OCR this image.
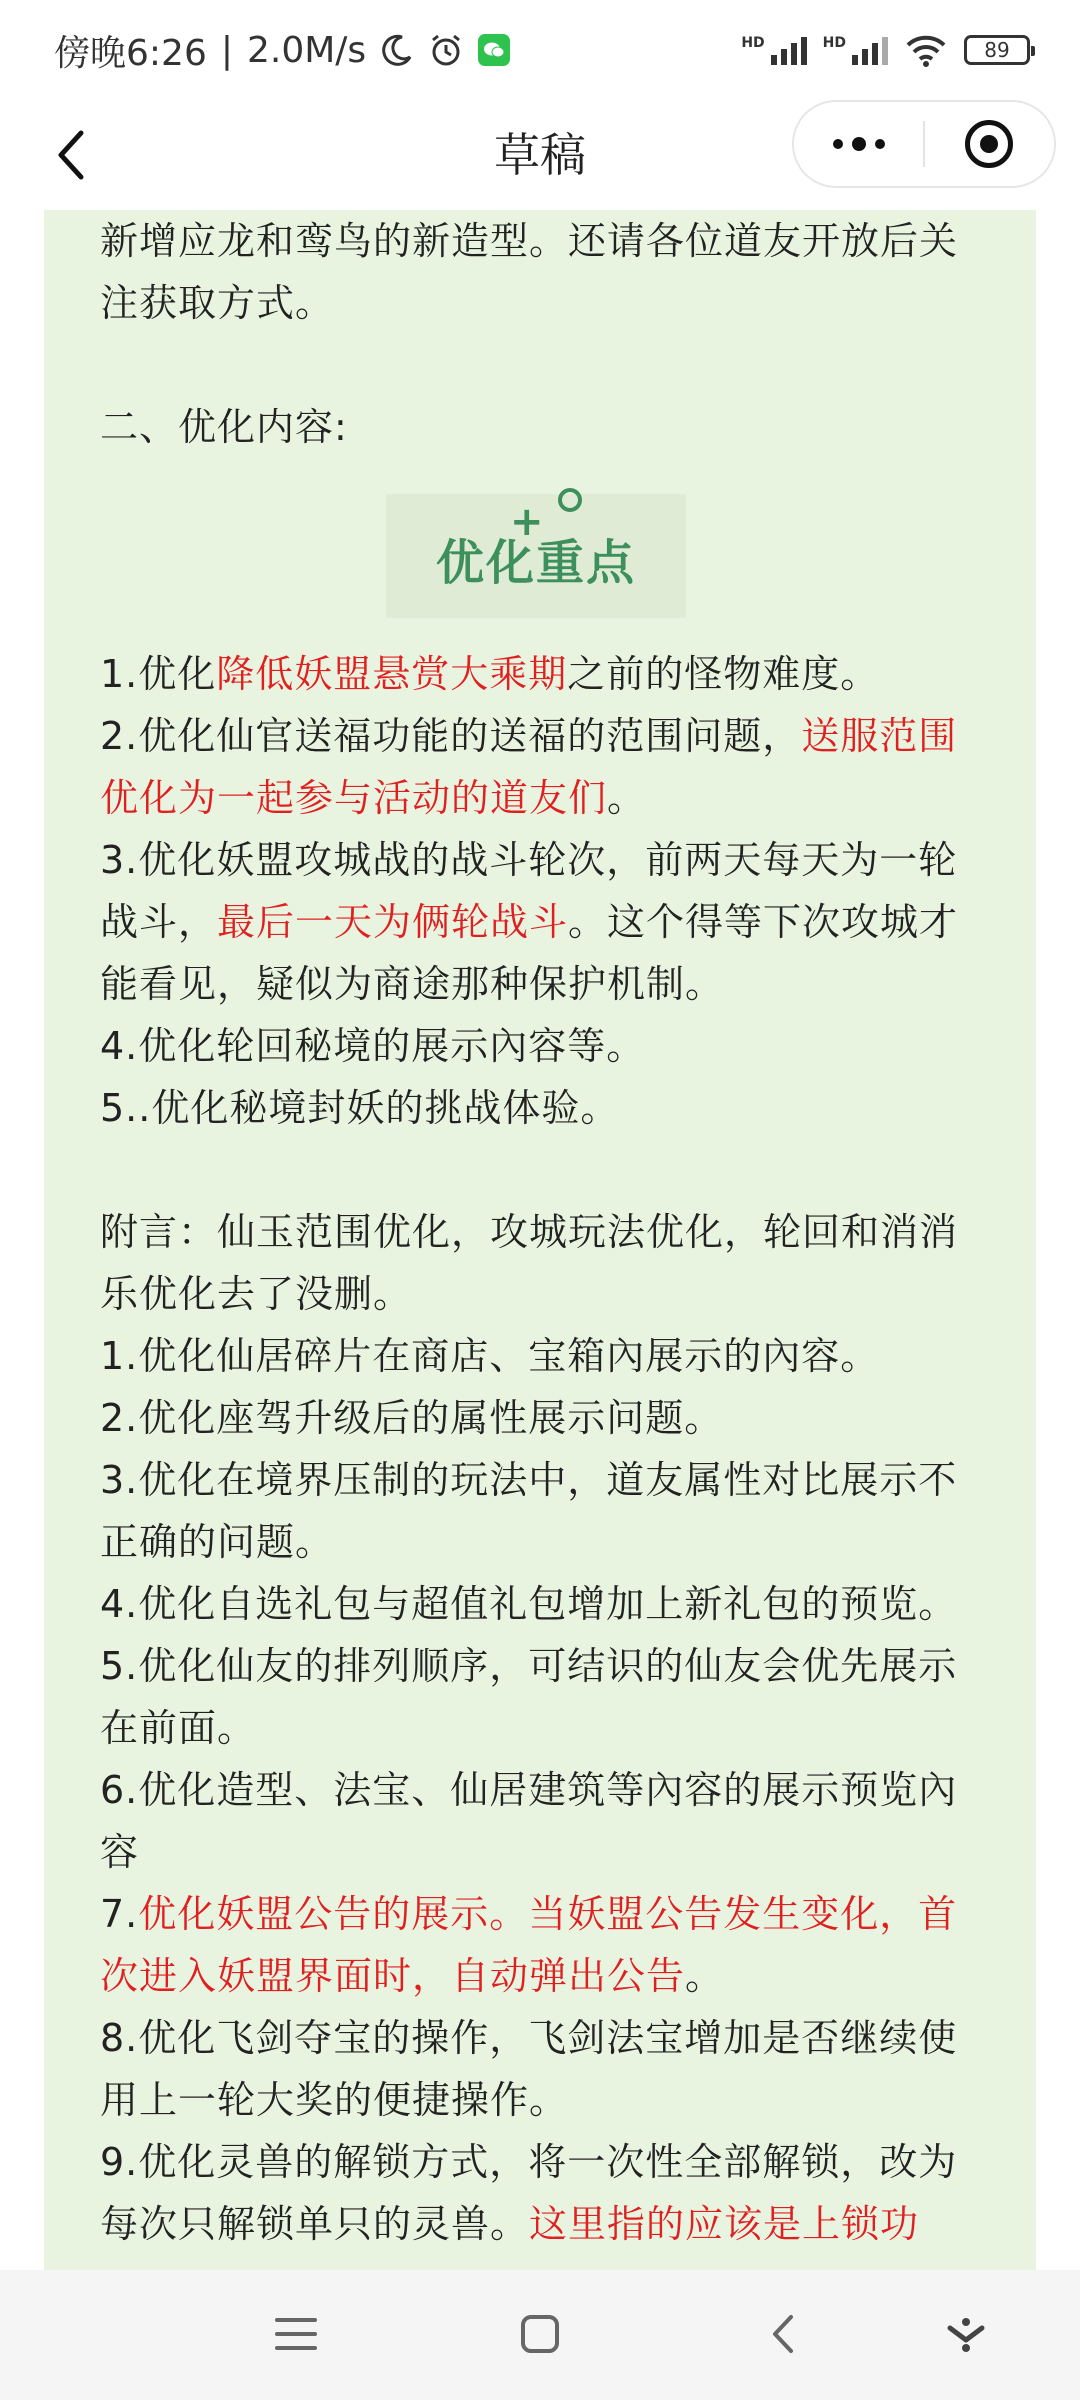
傍晚6:26 | 2.0M/s	HD	HD	89
草稿
新增应龙和鸾鸟的新造型。还请各位道友开放后关
注获取方式。
二、优化内容:
+
优化重点
1.优化降低妖盟悬赏大乘期之前的怪物难度。
2.优化仙官送福功能的送福的范围问题，送服范围优化为一起参与活动的道友们。
3.优化妖盟攻城战的战斗轮次，前两天每天为一轮战斗，最后一天为俩轮战斗。这个得等下次攻城才能看见，疑似为商途那种保护机制。
4.优化轮回秘境的展示內容等。
5..优化秘境封妖的挑战体验。
附言：仙玉范围优化，攻城玩法优化，轮回和消消乐优化去了没删。
1.优化仙居碎片在商店、宝箱內展示的內容。
2.优化座驾升级后的属性展示问题。
3.优化在境界压制的玩法中，道友属性对比展示不正确的问题。
4.优化自选礼包与超值礼包增加上新礼包的预览。
5.优化仙友的排列顺序，可结识的仙友会优先展示在前面。
6.优化造型、法宝、仙居建筑等內容的展示预览內容
7.优化妖盟公告的展示。当妖盟公告发生变化，首次进入妖盟界面时，自动弹出公告。
8.优化飞剑夺宝的操作，飞剑法宝增加是否继续使用上一轮大奖的便捷操作。
9.优化灵兽的解锁方式，将一次性全部解锁，改为每次只解锁单只的灵兽。这里指的应该是上锁功
